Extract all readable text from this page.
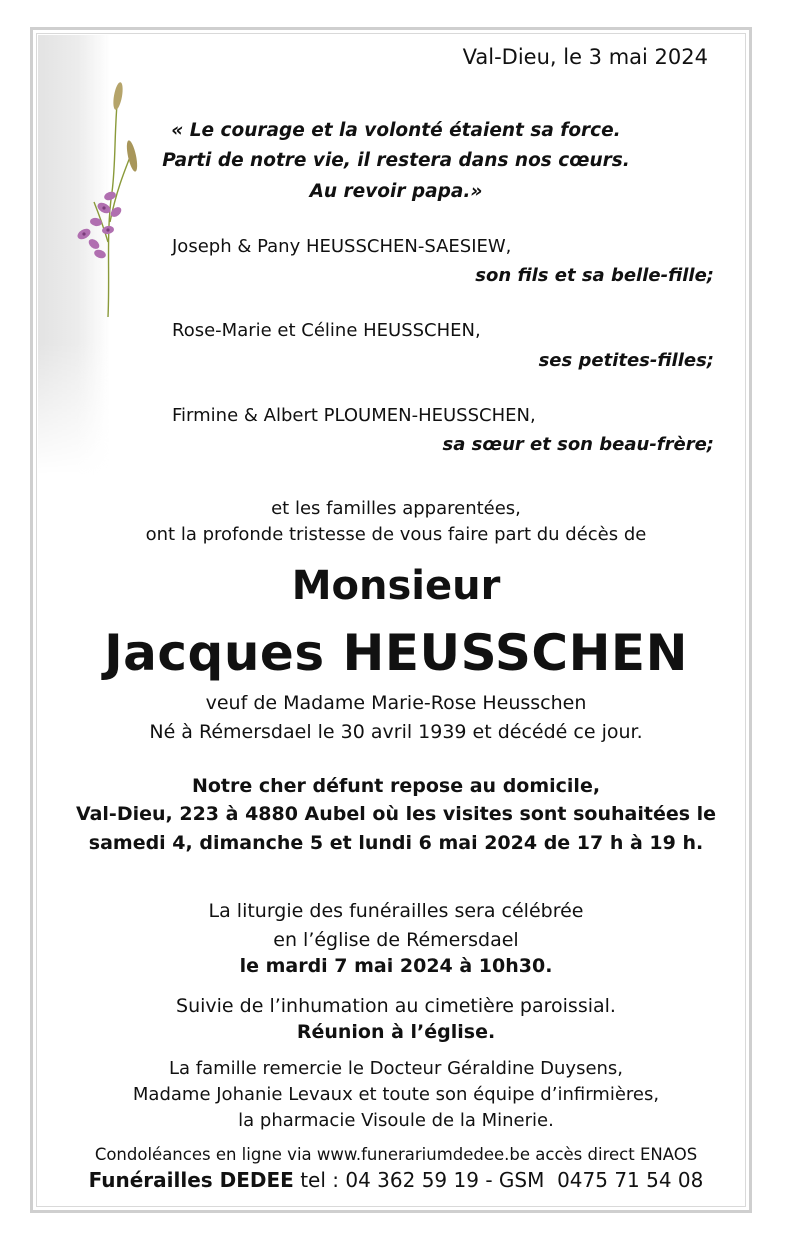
Val-Dieu, le 3 mai 2024

« Le courage et la volonté étaient sa force.

Parti de notre vie, il restera dans nos cœurs.

Au revoir papa.»

Joseph & Pany HEUSSCHEN-SAESIEW,

son fils et sa belle-fille;

Rose-Marie et Céline HEUSSCHEN,

ses petites-filles;

Firmine & Albert PLOUMEN-HEUSSCHEN,

sa sœur et son beau-frère;

et les familles apparentées,

ont la profonde tristesse de vous faire part du décès de

Monsieur

Jacques HEUSSCHEN

veuf de Madame Marie-Rose Heusschen

Né à Rémersdael le 30 avril 1939 et décédé ce jour.

Notre cher défunt repose au domicile,

Val-Dieu, 223 à 4880 Aubel où les visites sont souhaitées le

samedi 4, dimanche 5 et lundi 6 mai 2024 de 17 h à 19 h.

La liturgie des funérailles sera célébrée

en l’église de Rémersdael

le mardi 7 mai 2024 à 10h30.

Suivie de l’inhumation au cimetière paroissial.

Réunion à l’église.

La famille remercie le Docteur Géraldine Duysens,

Madame Johanie Levaux et toute son équipe d’infirmières,

la pharmacie Visoule de la Minerie.

Condoléances en ligne via www.funerariumdedee.be accès direct ENAOS

Funérailles DEDEE tel : 04 362 59 19 - GSM  0475 71 54 08
